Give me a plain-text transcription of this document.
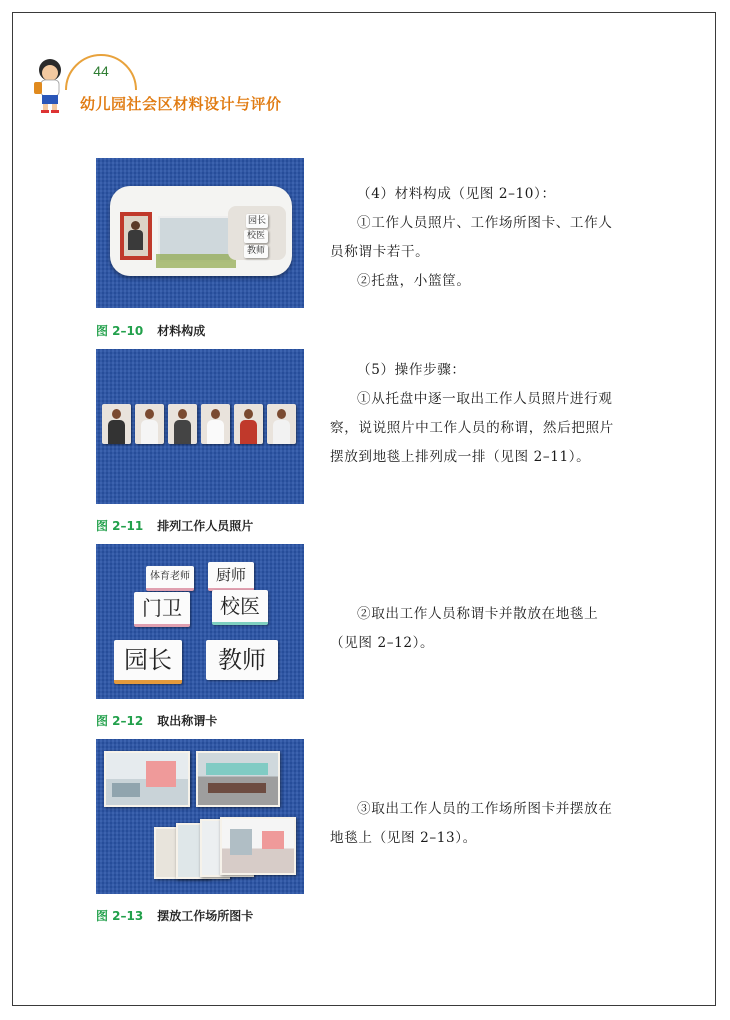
44
幼儿园社会区材料设计与评价
园长
校医
教师
图 2–10 材料构成
图 2–11 排列工作人员照片
体育老师	厨师
门卫	校医
园长	教师
图 2–12 取出称谓卡
图 2–13 摆放工作场所图卡

（4）材料构成（见图 2–10）：

①工作人员照片、工作场所图卡、工作人员称谓卡若干。

②托盘，小篮筐。

（5）操作步骤：

①从托盘中逐一取出工作人员照片进行观察，说说照片中工作人员的称谓，然后把照片摆放到地毯上排列成一排（见图 2–11）。

②取出工作人员称谓卡并散放在地毯上（见图 2–12）。

③取出工作人员的工作场所图卡并摆放在地毯上（见图 2–13）。
